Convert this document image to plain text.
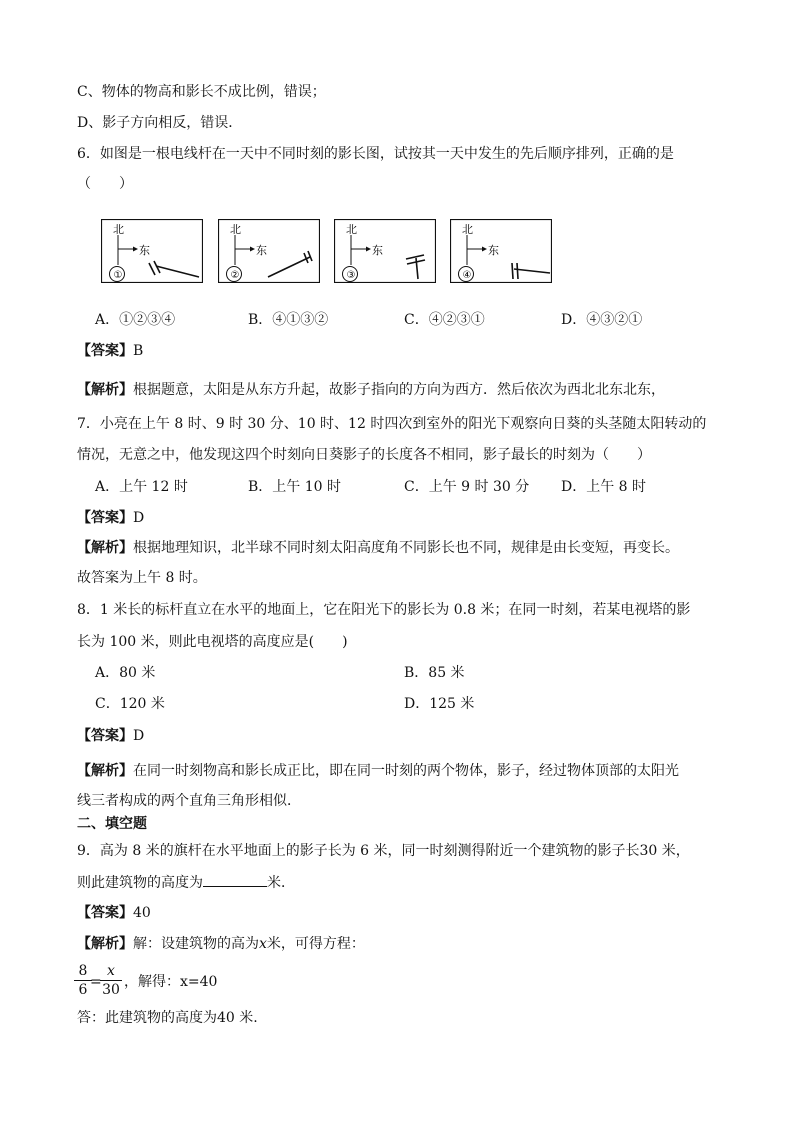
C、物体的物高和影长不成比例，错误；
D、影子方向相反，错误．
6．如图是一根电线杆在一天中不同时刻的影长图，试按其一天中发生的先后顺序排列，正确的是
（　　）
北
东
①
北
东
②
北
东
③
北
东
④
A．①②③④	B．④①③②	C．④②③①	D．④③②①
【答案】B
【解析】根据题意，太阳是从东方升起，故影子指向的方向为西方．然后依次为西北北东北东，
7．小亮在上午 8 时、9 时 30 分、10 时、12 时四次到室外的阳光下观察向日葵的头茎随太阳转动的
情况，无意之中，他发现这四个时刻向日葵影子的长度各不相同，影子最长的时刻为（　　）
A．上午 12 时	B．上午 10 时	C．上午 9 时 30 分 D．上午 8 时
【答案】D
【解析】根据地理知识，北半球不同时刻太阳高度角不同影长也不同，规律是由长变短，再变长。
故答案为上午 8 时。
8．1 米长的标杆直立在水平的地面上，它在阳光下的影长为 0.8 米；在同一时刻，若某电视塔的影
长为 100 米，则此电视塔的高度应是(　　)
A．80 米	B．85 米
C．120 米	D．125 米
【答案】D
【解析】在同一时刻物高和影长成正比，即在同一时刻的两个物体，影子，经过物体顶部的太阳光
线三者构成的两个直角三角形相似．
二、填空题
9．高为 8 米的旗杆在水平地面上的影子长为 6 米，同一时刻测得附近一个建筑物的影子长30 米，
则此建筑物的高度为	米．
【答案】40
【解析】解：设建筑物的高为x米，可得方程：
8
6 =
x
30 ，解得：x=40
答：此建筑物的高度为40 米.
